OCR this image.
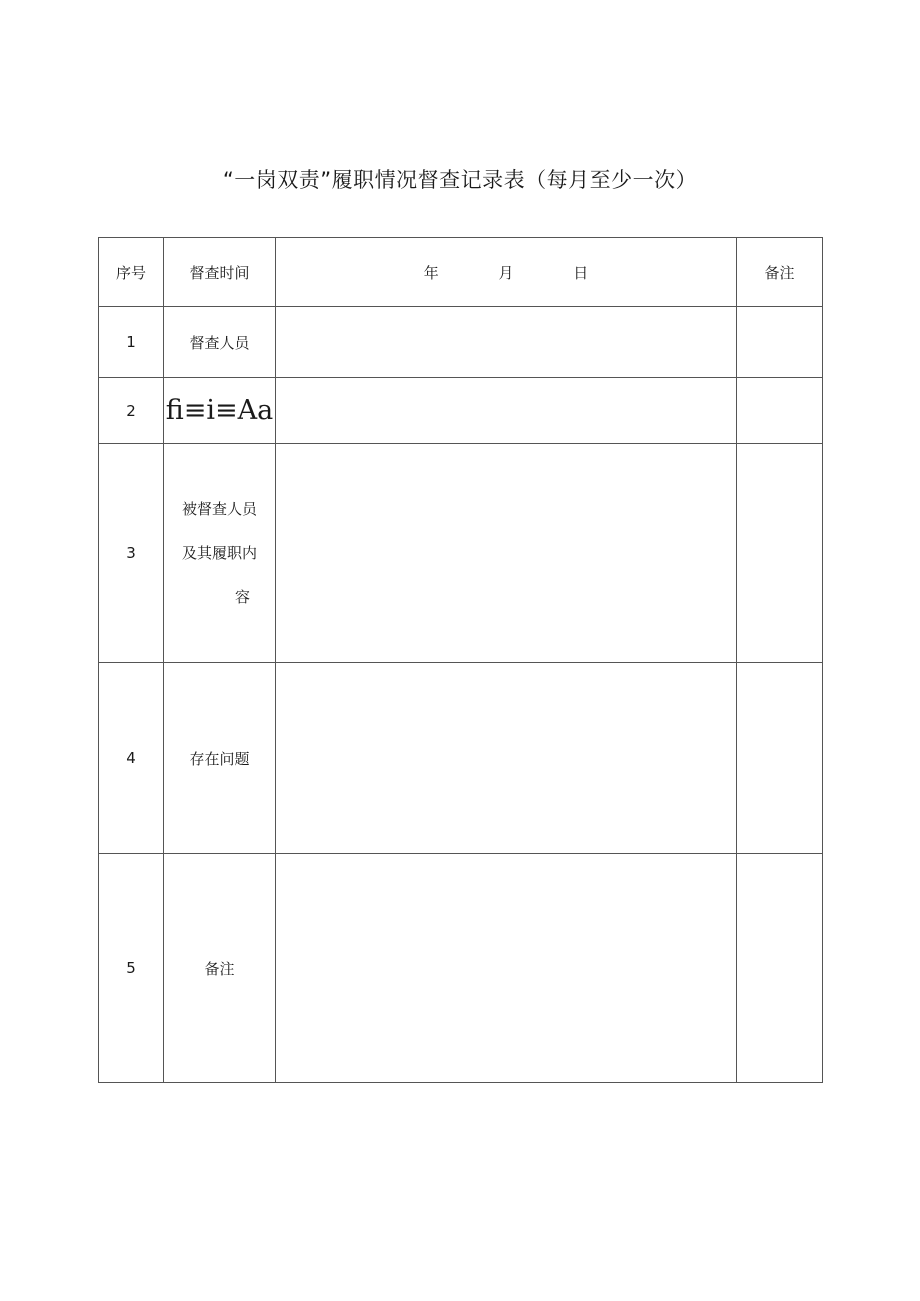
“一岗双责”履职情况督查记录表（每月至少一次）
序号	督查时间	年 月 日	备注
1	督查人员		
2	fi≡i≡Aa		
3	被督查人员
及其履职内
容		

4	存在问题		
5	备注		
